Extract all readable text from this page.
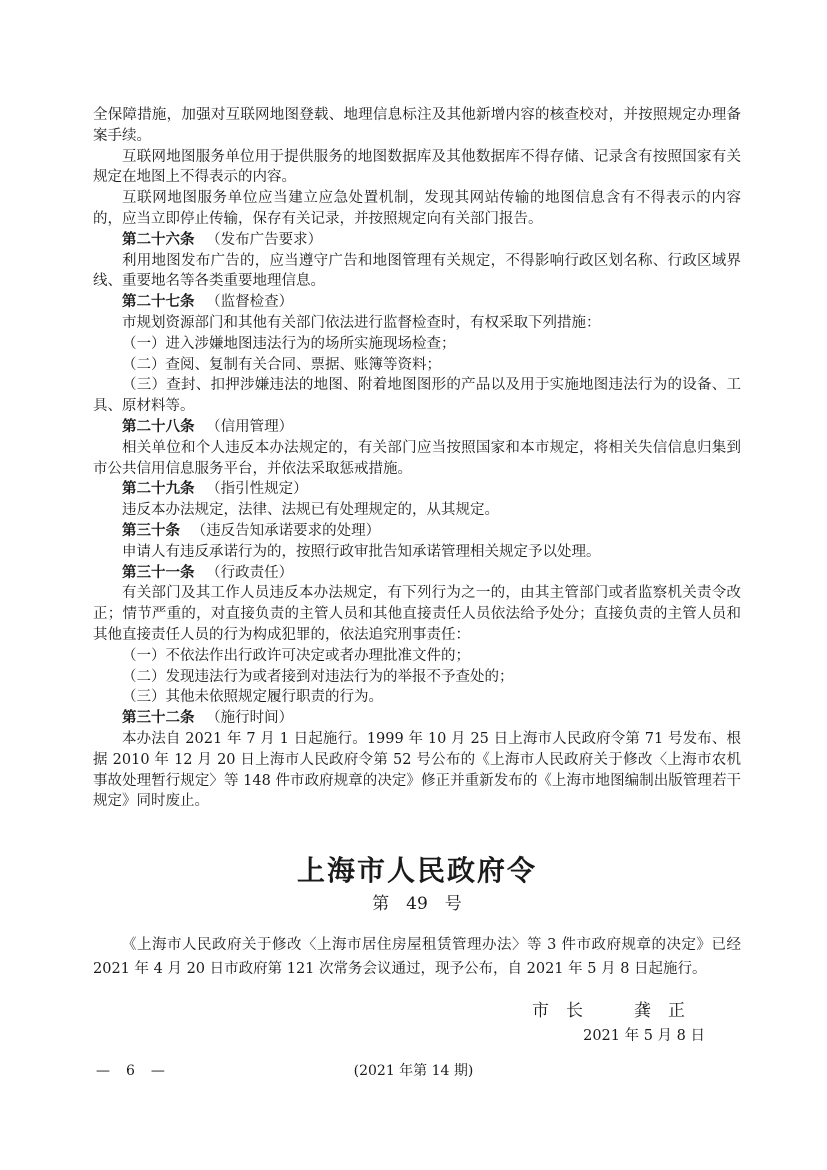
全保障措施，加强对互联网地图登载、地理信息标注及其他新增内容的核查校对，并按照规定办理备案手续。

互联网地图服务单位用于提供服务的地图数据库及其他数据库不得存储、记录含有按照国家有关规定在地图上不得表示的内容。

互联网地图服务单位应当建立应急处置机制，发现其网站传输的地图信息含有不得表示的内容的，应当立即停止传输，保存有关记录，并按照规定向有关部门报告。

第二十六条 （发布广告要求）

利用地图发布广告的，应当遵守广告和地图管理有关规定，不得影响行政区划名称、行政区域界线、重要地名等各类重要地理信息。

第二十七条 （监督检查）

市规划资源部门和其他有关部门依法进行监督检查时，有权采取下列措施：

（一）进入涉嫌地图违法行为的场所实施现场检查；

（二）查阅、复制有关合同、票据、账簿等资料；

（三）查封、扣押涉嫌违法的地图、附着地图图形的产品以及用于实施地图违法行为的设备、工具、原材料等。

第二十八条 （信用管理）

相关单位和个人违反本办法规定的，有关部门应当按照国家和本市规定，将相关失信信息归集到市公共信用信息服务平台，并依法采取惩戒措施。

第二十九条 （指引性规定）

违反本办法规定，法律、法规已有处理规定的，从其规定。

第三十条 （违反告知承诺要求的处理）

申请人有违反承诺行为的，按照行政审批告知承诺管理相关规定予以处理。

第三十一条 （行政责任）

有关部门及其工作人员违反本办法规定，有下列行为之一的，由其主管部门或者监察机关责令改正；情节严重的，对直接负责的主管人员和其他直接责任人员依法给予处分；直接负责的主管人员和其他直接责任人员的行为构成犯罪的，依法追究刑事责任：

（一）不依法作出行政许可决定或者办理批准文件的；

（二）发现违法行为或者接到对违法行为的举报不予查处的；

（三）其他未依照规定履行职责的行为。

第三十二条 （施行时间）

本办法自 2021 年 7 月 1 日起施行。1999 年 10 月 25 日上海市人民政府令第 71 号发布、根据 2010 年 12 月 20 日上海市人民政府令第 52 号公布的《上海市人民政府关于修改〈上海市农机事故处理暂行规定〉等 148 件市政府规章的决定》修正并重新发布的《上海市地图编制出版管理若干规定》同时废止。

上海市人民政府令

第　49　号

《上海市人民政府关于修改〈上海市居住房屋租赁管理办法〉等 3 件市政府规章的决定》已经 2021 年 4 月 20 日市政府第 121 次常务会议通过，现予公布，自 2021 年 5 月 8 日起施行。

市　长　　　龚　正

2021 年 5 月 8 日

—　6　—	(2021 年第 14 期)
